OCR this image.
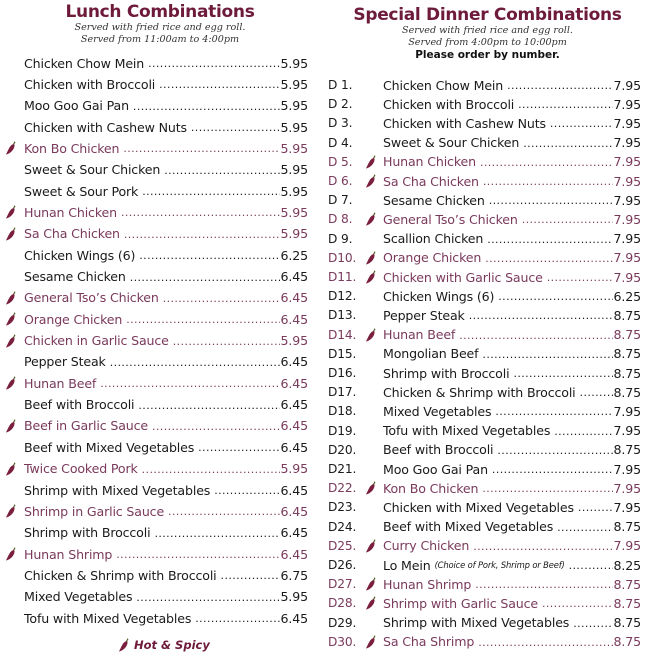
Lunch Combinations
Served with fried rice and egg roll.
Served from 11:00am to 4:00pm
Chicken Chow Mein .....	5.95
Chicken with Broccoli .....	5.95
Moo Goo Gai Pan .....	5.95
Chicken with Cashew Nuts .....	5.95
Kon Bo Chicken .....	5.95
Sweet & Sour Chicken .....	5.95
Sweet & Sour Pork .....	5.95
Hunan Chicken .....	5.95
Sa Cha Chicken .....	5.95
Chicken Wings (6) .....	6.25
Sesame Chicken .....	6.45
General Tso’s Chicken .....	6.45
Orange Chicken .....	6.45
Chicken in Garlic Sauce .....	5.95
Pepper Steak .....	6.45
Hunan Beef .....	6.45
Beef with Broccoli .....	6.45
Beef in Garlic Sauce .....	6.45
Beef with Mixed Vegetables .....	6.45
Twice Cooked Pork .....	5.95
Shrimp with Mixed Vegetables .....	6.45
Shrimp in Garlic Sauce .....	6.45
Shrimp with Broccoli .....	6.45
Hunan Shrimp .....	6.45
Chicken & Shrimp with Broccoli .....	6.75
Mixed Vegetables .....	5.95
Tofu with Mixed Vegetables .....	6.45
Special Dinner Combinations
Served with fried rice and egg roll.
Served from 4:00pm to 10:00pm
Please order by number.
D 1.	Chicken Chow Mein .....	7.95
D 2.	Chicken with Broccoli .....	7.95
D 3.	Chicken with Cashew Nuts .....	7.95
D 4.	Sweet & Sour Chicken .....	7.95
D 5.	Hunan Chicken .....	7.95
D 6.	Sa Cha Chicken .....	7.95
D 7.	Sesame Chicken .....	7.95
D 8.	General Tso’s Chicken .....	7.95
D 9.	Scallion Chicken .....	7.95
D10.	Orange Chicken .....	7.95
D11.	Chicken with Garlic Sauce .....	7.95
D12.	Chicken Wings (6) .....	6.25
D13.	Pepper Steak .....	8.75
D14.	Hunan Beef .....	8.75
D15.	Mongolian Beef .....	8.75
D16.	Shrimp with Broccoli .....	8.75
D17.	Chicken & Shrimp with Broccoli .....	8.75
D18.	Mixed Vegetables .....	7.95
D19.	Tofu with Mixed Vegetables .....	7.95
D20.	Beef with Broccoli .....	8.75
D21.	Moo Goo Gai Pan .....	7.95
D22.	Kon Bo Chicken .....	7.95
D23.	Chicken with Mixed Vegetables .....	7.95
D24.	Beef with Mixed Vegetables .....	8.75
D25.	Curry Chicken .....	7.95
D26.	Lo Mein (Choice of Pork, Shrimp or Beef) .....	8.25
D27.	Hunan Shrimp .....	8.75
D28.	Shrimp with Garlic Sauce .....	8.75
D29.	Shrimp with Mixed Vegetables .....	8.75
D30.	Sa Cha Shrimp .....	8.75
Hot & Spicy
